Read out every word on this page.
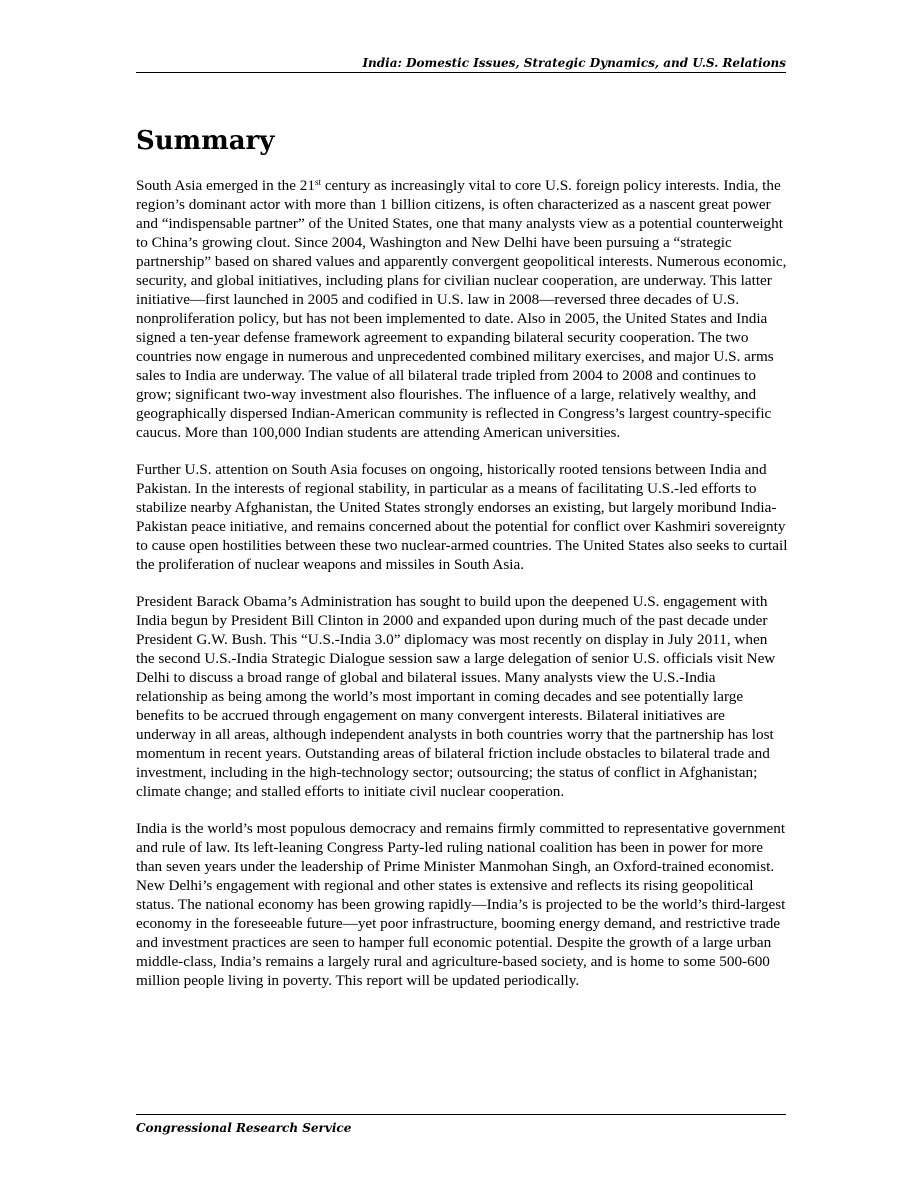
India: Domestic Issues, Strategic Dynamics, and U.S. Relations
Summary

South Asia emerged in the 21st century as increasingly vital to core U.S. foreign policy interests. India, the region’s dominant actor with more than 1 billion citizens, is often characterized as a nascent great power and “indispensable partner” of the United States, one that many analysts view as a potential counterweight to China’s growing clout. Since 2004, Washington and New Delhi have been pursuing a “strategic partnership” based on shared values and apparently convergent geopolitical interests. Numerous economic, security, and global initiatives, including plans for civilian nuclear cooperation, are underway. This latter initiative—first launched in 2005 and codified in U.S. law in 2008—reversed three decades of U.S. nonproliferation policy, but has not been implemented to date. Also in 2005, the United States and India signed a ten-year defense framework agreement to expanding bilateral security cooperation. The two countries now engage in numerous and unprecedented combined military exercises, and major U.S. arms sales to India are underway. The value of all bilateral trade tripled from 2004 to 2008 and continues to grow; significant two-way investment also flourishes. The influence of a large, relatively wealthy, and geographically dispersed Indian-American community is reflected in Congress’s largest country-specific caucus. More than 100,000 Indian students are attending American universities.

Further U.S. attention on South Asia focuses on ongoing, historically rooted tensions between India and Pakistan. In the interests of regional stability, in particular as a means of facilitating U.S.-led efforts to stabilize nearby Afghanistan, the United States strongly endorses an existing, but largely moribund India-Pakistan peace initiative, and remains concerned about the potential for conflict over Kashmiri sovereignty to cause open hostilities between these two nuclear-armed countries. The United States also seeks to curtail the proliferation of nuclear weapons and missiles in South Asia.

President Barack Obama’s Administration has sought to build upon the deepened U.S. engagement with India begun by President Bill Clinton in 2000 and expanded upon during much of the past decade under President G.W. Bush. This “U.S.-India 3.0” diplomacy was most recently on display in July 2011, when the second U.S.-India Strategic Dialogue session saw a large delegation of senior U.S. officials visit New Delhi to discuss a broad range of global and bilateral issues. Many analysts view the U.S.-India relationship as being among the world’s most important in coming decades and see potentially large benefits to be accrued through engagement on many convergent interests. Bilateral initiatives are underway in all areas, although independent analysts in both countries worry that the partnership has lost momentum in recent years. Outstanding areas of bilateral friction include obstacles to bilateral trade and investment, including in the high-technology sector; outsourcing; the status of conflict in Afghanistan; climate change; and stalled efforts to initiate civil nuclear cooperation.

India is the world’s most populous democracy and remains firmly committed to representative government and rule of law. Its left-leaning Congress Party-led ruling national coalition has been in power for more than seven years under the leadership of Prime Minister Manmohan Singh, an Oxford-trained economist. New Delhi’s engagement with regional and other states is extensive and reflects its rising geopolitical status. The national economy has been growing rapidly—India’s is projected to be the world’s third-largest economy in the foreseeable future—yet poor infrastructure, booming energy demand, and restrictive trade and investment practices are seen to hamper full economic potential. Despite the growth of a large urban middle-class, India’s remains a largely rural and agriculture-based society, and is home to some 500-600 million people living in poverty. This report will be updated periodically.

Congressional Research Service
